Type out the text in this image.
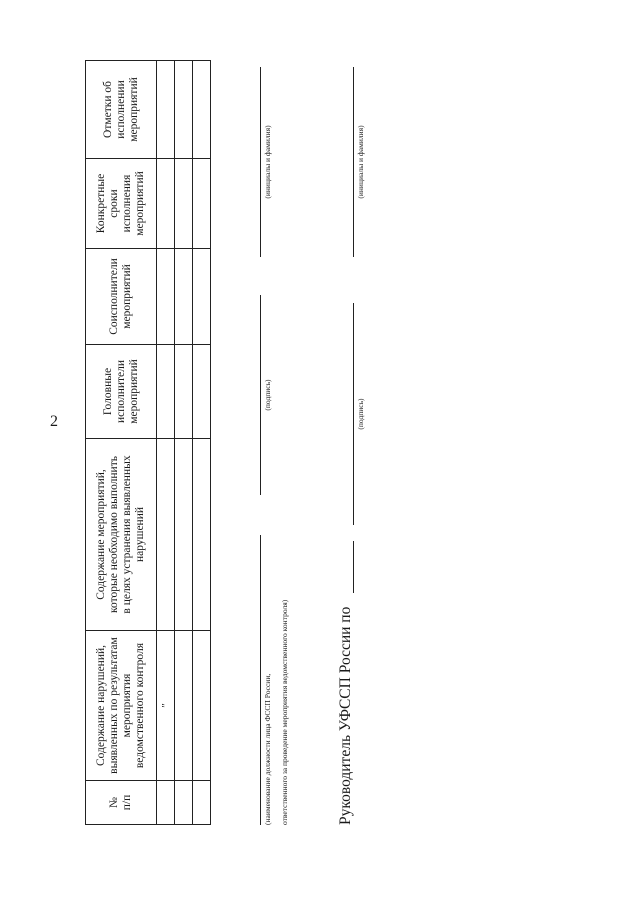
2
№
п/п	Содержание нарушений,
выявленных по результатам
мероприятия
ведомственного контроля	Содержание мероприятий,
которые необходимо выполнить
в целях устранения выявленных
нарушений	Головные
исполнители
мероприятий	Соисполнители
мероприятий	Конкретные
сроки
исполнения
мероприятий	Отметки об
исполнении
мероприятий
	″					

							(наименование должности лица ФССП России, ответственного за проведение мероприятия ведомственного контроля)
(подпись)
(инициалы и фамилия)
Руководитель УФССП России по
(подпись)
(инициалы и фамилия)
